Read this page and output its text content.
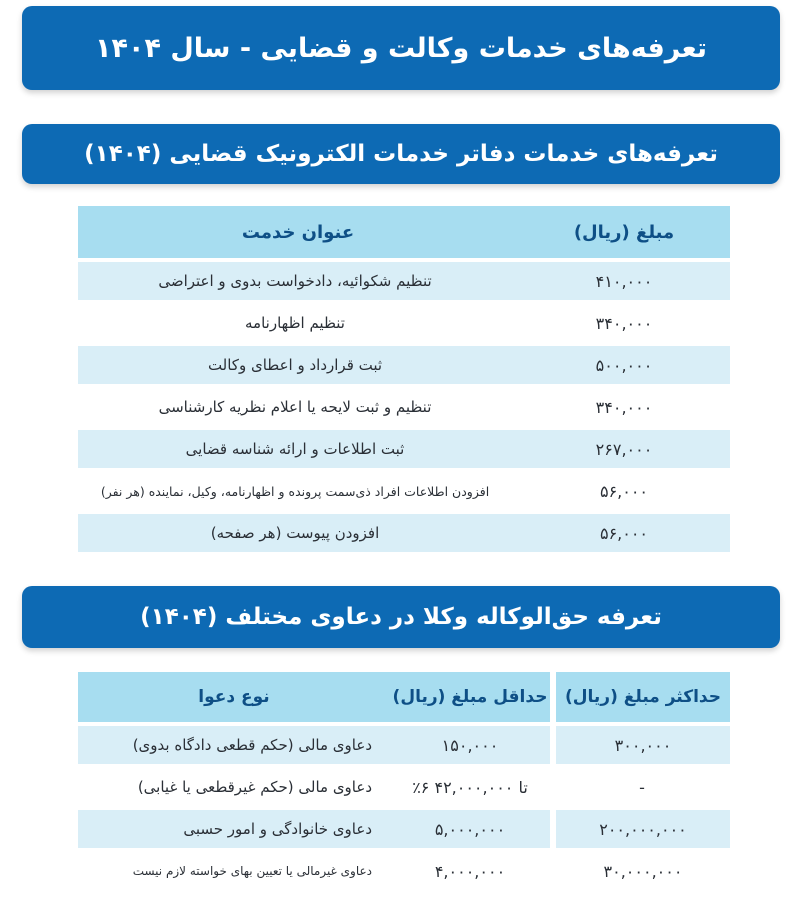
تعرفه‌های خدمات وکالت و قضایی - سال ۱۴۰۴
تعرفه‌های خدمات دفاتر خدمات الکترونیک قضایی (۱۴۰۴)
مبلغ (ریال)	عنوان خدمت
۴۱۰,۰۰۰	تنظیم شکوائیه، دادخواست بدوی و اعتراضی
۳۴۰,۰۰۰	تنظیم اظهارنامه
۵۰۰,۰۰۰	ثبت قرارداد و اعطای وکالت
۳۴۰,۰۰۰	تنظیم و ثبت لایحه یا اعلام نظریه کارشناسی
۲۶۷,۰۰۰	ثبت اطلاعات و ارائه شناسه قضایی
۵۶,۰۰۰	افزودن اطلاعات افراد ذی‌سمت پرونده و اظهارنامه، وکیل، نماینده (هر نفر)
۵۶,۰۰۰	افزودن پیوست (هر صفحه)
تعرفه حق‌الوکاله وکلا در دعاوی مختلف (۱۴۰۴)
حداکثر مبلغ (ریال)	حداقل مبلغ (ریال)	نوع دعوا
۳۰۰,۰۰۰	۱۵۰,۰۰۰	دعاوی مالی (حکم قطعی دادگاه بدوی)
-	تا ۴۲,۰۰۰,۰۰۰ ۶٪	دعاوی مالی (حکم غیرقطعی یا غیابی)
۲۰۰,۰۰۰,۰۰۰	۵,۰۰۰,۰۰۰	دعاوی خانوادگی و امور حسبی
۳۰,۰۰۰,۰۰۰	۴,۰۰۰,۰۰۰	دعاوی غیرمالی یا تعیین بهای خواسته لازم نیست
